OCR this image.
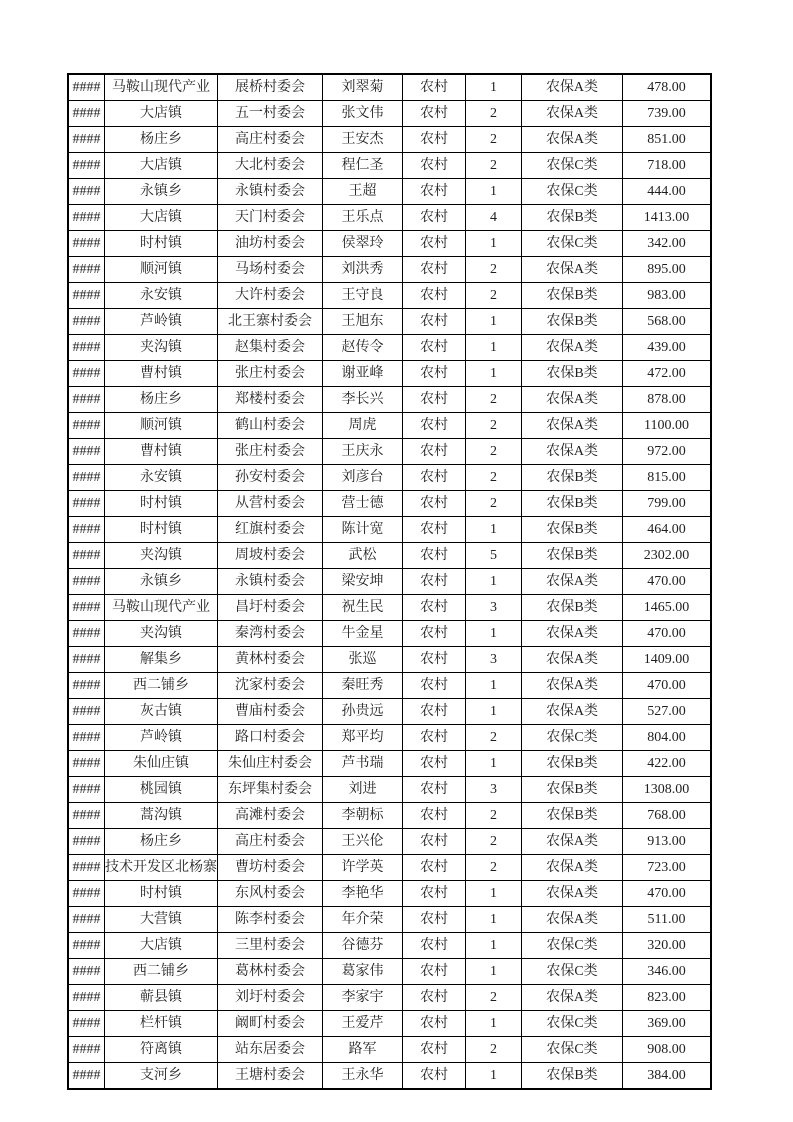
####	马鞍山现代产业	展桥村委会	刘翠菊	农村	1	农保A类	478.00
####	大店镇	五一村委会	张文伟	农村	2	农保A类	739.00
####	杨庄乡	高庄村委会	王安杰	农村	2	农保A类	851.00
####	大店镇	大北村委会	程仁圣	农村	2	农保C类	718.00
####	永镇乡	永镇村委会	王超	农村	1	农保C类	444.00
####	大店镇	天门村委会	王乐点	农村	4	农保B类	1413.00
####	时村镇	油坊村委会	侯翠玲	农村	1	农保C类	342.00
####	顺河镇	马场村委会	刘洪秀	农村	2	农保A类	895.00
####	永安镇	大许村委会	王守良	农村	2	农保B类	983.00
####	芦岭镇	北王寨村委会	王旭东	农村	1	农保B类	568.00
####	夹沟镇	赵集村委会	赵传令	农村	1	农保A类	439.00
####	曹村镇	张庄村委会	谢亚峰	农村	1	农保B类	472.00
####	杨庄乡	郑楼村委会	李长兴	农村	2	农保A类	878.00
####	顺河镇	鹤山村委会	周虎	农村	2	农保A类	1100.00
####	曹村镇	张庄村委会	王庆永	农村	2	农保A类	972.00
####	永安镇	孙安村委会	刘彦台	农村	2	农保B类	815.00
####	时村镇	从营村委会	营士德	农村	2	农保B类	799.00
####	时村镇	红旗村委会	陈计宽	农村	1	农保B类	464.00
####	夹沟镇	周坡村委会	武松	农村	5	农保B类	2302.00
####	永镇乡	永镇村委会	梁安坤	农村	1	农保A类	470.00
####	马鞍山现代产业	昌圩村委会	祝生民	农村	3	农保B类	1465.00
####	夹沟镇	秦湾村委会	牛金星	农村	1	农保A类	470.00
####	解集乡	黄林村委会	张巡	农村	3	农保A类	1409.00
####	西二铺乡	沈家村委会	秦旺秀	农村	1	农保A类	470.00
####	灰古镇	曹庙村委会	孙贵远	农村	1	农保A类	527.00
####	芦岭镇	路口村委会	郑平均	农村	2	农保C类	804.00
####	朱仙庄镇	朱仙庄村委会	芦书瑞	农村	1	农保B类	422.00
####	桃园镇	东坪集村委会	刘进	农村	3	农保B类	1308.00
####	蒿沟镇	高滩村委会	李朝标	农村	2	农保B类	768.00
####	杨庄乡	高庄村委会	王兴伦	农村	2	农保A类	913.00
####	技术开发区北杨寨	曹坊村委会	许学英	农村	2	农保A类	723.00
####	时村镇	东风村委会	李艳华	农村	1	农保A类	470.00
####	大营镇	陈李村委会	年介荣	农村	1	农保A类	511.00
####	大店镇	三里村委会	谷德芬	农村	1	农保C类	320.00
####	西二铺乡	葛林村委会	葛家伟	农村	1	农保C类	346.00
####	蕲县镇	刘圩村委会	李家宇	农村	2	农保A类	823.00
####	栏杆镇	阚町村委会	王爱芹	农村	1	农保C类	369.00
####	符离镇	站东居委会	路军	农村	2	农保C类	908.00
####	支河乡	王塘村委会	王永华	农村	1	农保B类	384.00
